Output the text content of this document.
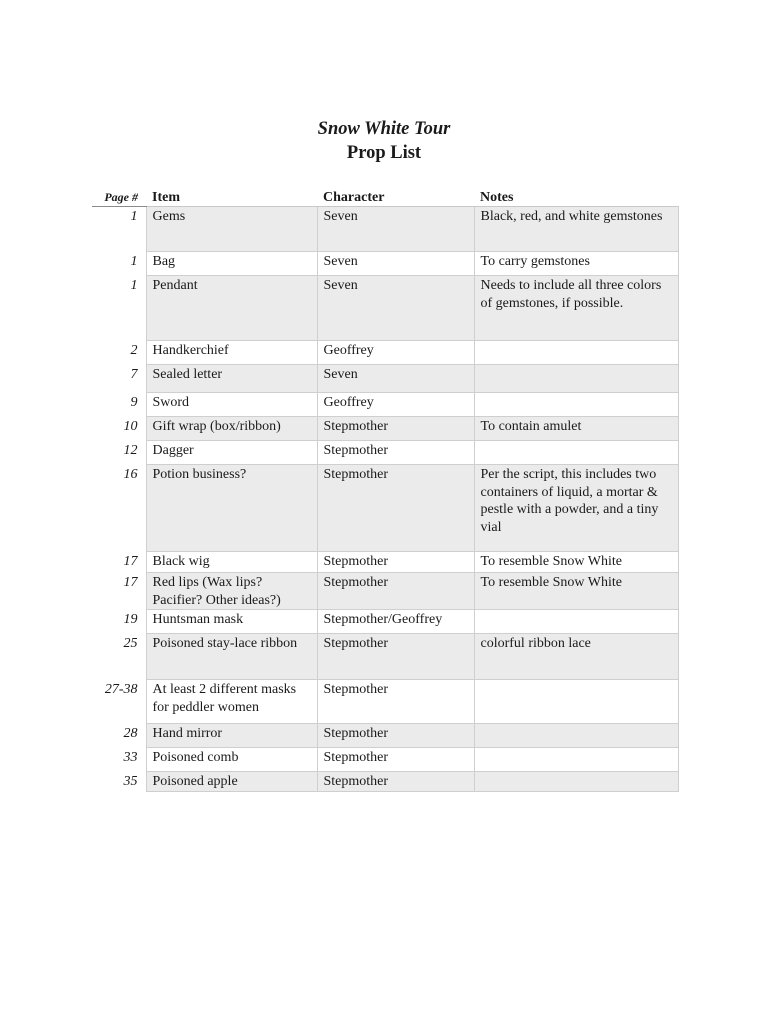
Snow White Tour
Prop List
Page #	Item	Character	Notes
1	Gems	Seven	Black, red, and white gemstones
1	Bag	Seven	To carry gemstones
1	Pendant	Seven	Needs to include all three colors of gemstones, if possible.
2	Handkerchief	Geoffrey	
7	Sealed letter	Seven	
9	Sword	Geoffrey	
10	Gift wrap (box/ribbon)	Stepmother	To contain amulet
12	Dagger	Stepmother	
16	Potion business?	Stepmother	Per the script, this includes two containers of liquid, a mortar & pestle with a powder, and a tiny vial
17	Black wig	Stepmother	To resemble Snow White
17	Red lips (Wax lips? Pacifier? Other ideas?)	Stepmother	To resemble Snow White
19	Huntsman mask	Stepmother/Geoffrey	
25	Poisoned stay-lace ribbon	Stepmother	colorful ribbon lace
27-38	At least 2 different masks for peddler women	Stepmother	
28	Hand mirror	Stepmother	
33	Poisoned comb	Stepmother	
35	Poisoned apple	Stepmother	
